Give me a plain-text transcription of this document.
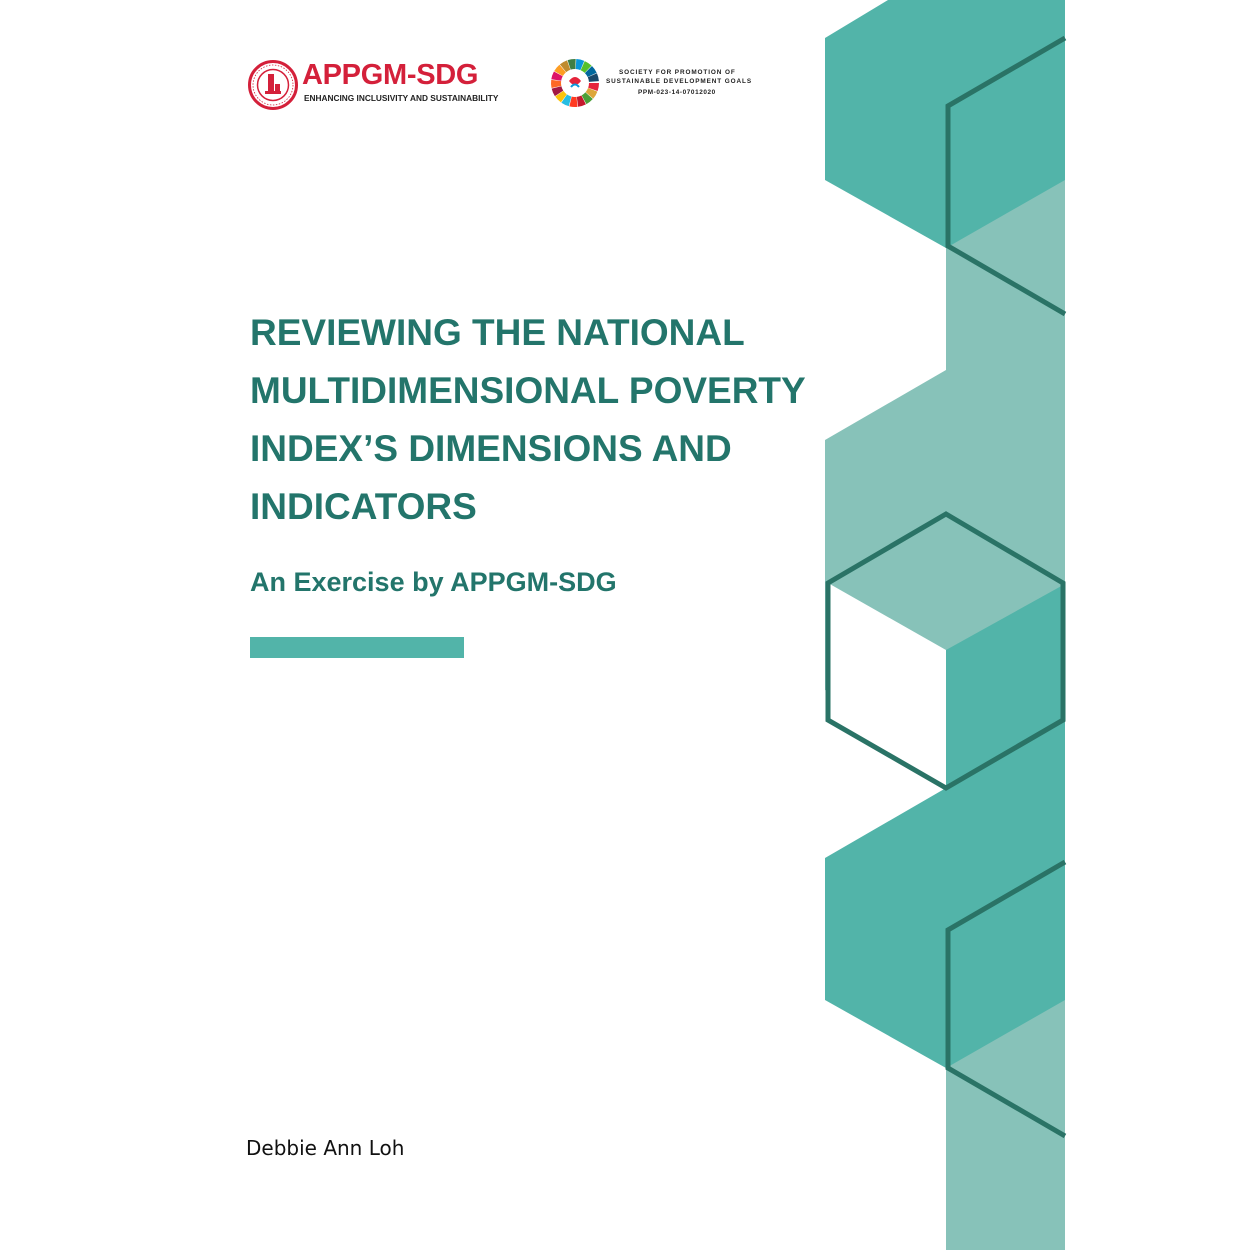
APPGM-SDG
ENHANCING INCLUSIVITY AND SUSTAINABILITY
SOCIETY FOR PROMOTION OF
SUSTAINABLE DEVELOPMENT GOALS
PPM-023-14-07012020
REVIEWING THE NATIONAL
MULTIDIMENSIONAL POVERTY
INDEX’S DIMENSIONS AND
INDICATORS
An Exercise by APPGM-SDG
Debbie Ann Loh
